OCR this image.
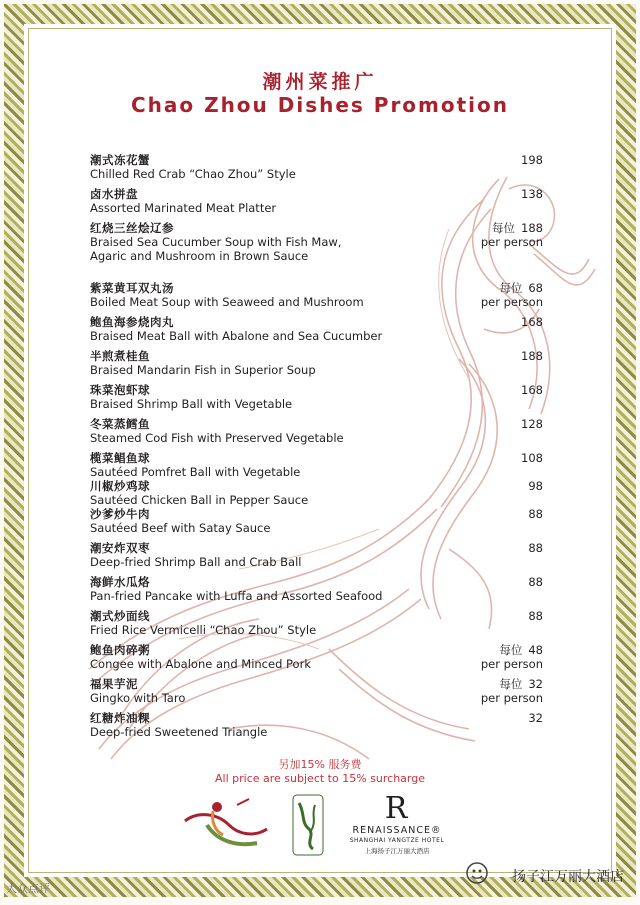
潮州菜推广
Chao Zhou Dishes Promotion
另加15% 服务费
All price are subject to 15% surcharge
R
RENAISSANCE®
SHANGHAI YANGTZE HOTEL
上海扬子江万丽大酒店
潮式冻花蟹
Chilled Red Crab “Chao Zhou” Style
198
卤水拼盘
Assorted Marinated Meat Platter
138
红烧三丝烩辽参
Braised Sea Cucumber Soup with Fish Maw,
Agaric and Mushroom in Brown Sauce
每位 188
per person
紫菜黄耳双丸汤
Boiled Meat Soup with Seaweed and Mushroom
每位 68
per person
鲍鱼海参烧肉丸
Braised Meat Ball with Abalone and Sea Cucumber
168
半煎煮桂鱼
Braised Mandarin Fish in Superior Soup
188
珠菜泡虾球
Braised Shrimp Ball with Vegetable
168
冬菜蒸鳕鱼
Steamed Cod Fish with Preserved Vegetable
128
榄菜鲳鱼球
Sautéed Pomfret Ball with Vegetable
108
川椒炒鸡球
Sautéed Chicken Ball in Pepper Sauce
98
沙爹炒牛肉
Sautéed Beef with Satay Sauce
88
潮安炸双枣
Deep-fried Shrimp Ball and Crab Ball
88
海鲜水瓜烙
Pan-fried Pancake with Luffa and Assorted Seafood
88
潮式炒面线
Fried Rice Vermicelli “Chao Zhou” Style
88
鲍鱼肉碎粥
Congee with Abalone and Minced Pork
每位 48
per person
福果芋泥
Gingko with Taro
每位 32
per person
红糖炸油粿
Deep-fried Sweetened Triangle
32
扬子江万丽大酒店
大众点评
